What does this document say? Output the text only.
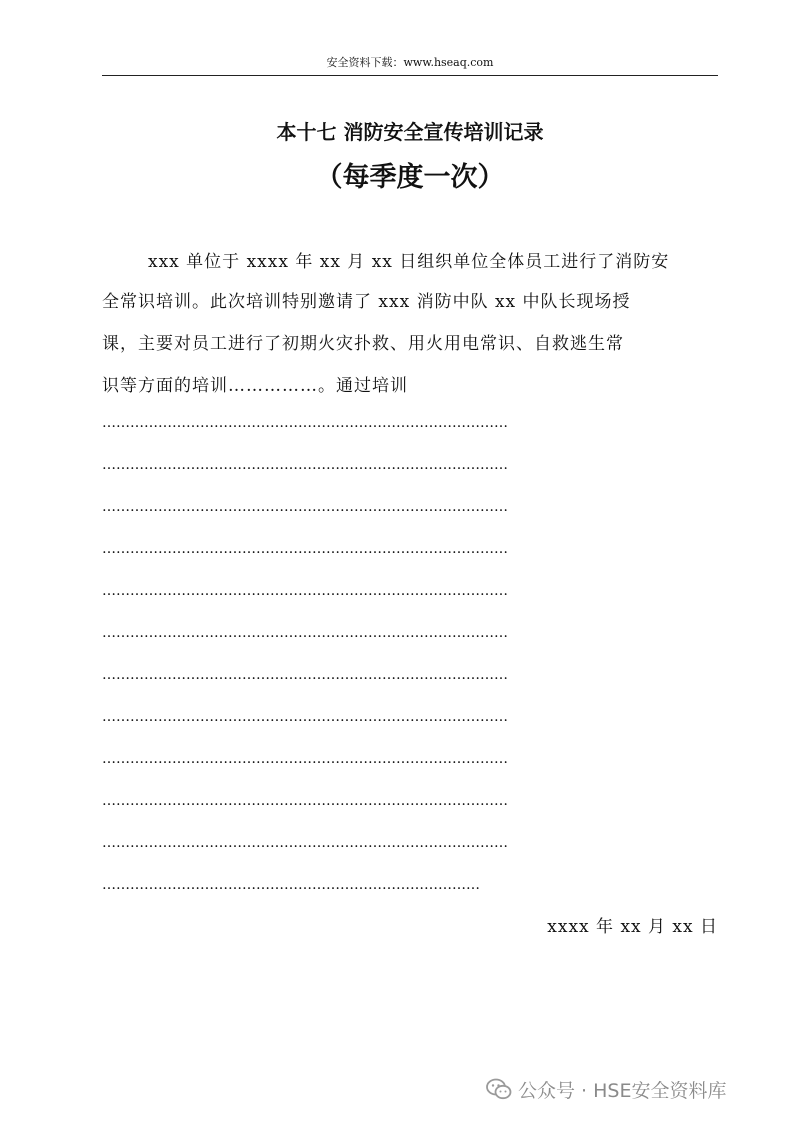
安全资料下载：www.hseaq.com
本十七 消防安全宣传培训记录
（每季度一次）
xxx 单位于 xxxx 年 xx 月 xx 日组织单位全体员工进行了消防安
全常识培训。此次培训特别邀请了 xxx 消防中队 xx 中队长现场授
课，主要对员工进行了初期火灾扑救、用火用电常识、自救逃生常
识等方面的培训……………。通过培训
……………………………………………………………………………
……………………………………………………………………………
……………………………………………………………………………
……………………………………………………………………………
……………………………………………………………………………
……………………………………………………………………………
……………………………………………………………………………
……………………………………………………………………………
……………………………………………………………………………
……………………………………………………………………………
……………………………………………………………………………
………………………………………………………………………
xxxx 年 xx 月 xx 日
公众号 · HSE安全资料库
